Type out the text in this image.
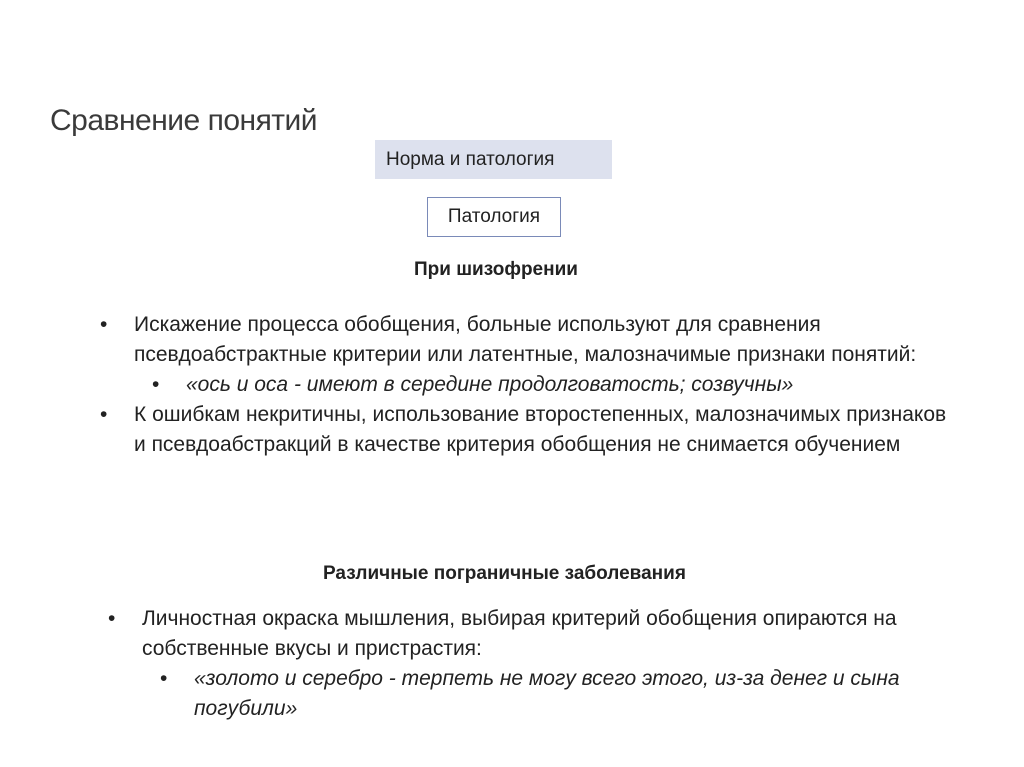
Сравнение понятий
Норма и патология
Патология
При шизофрении
• Искажение процесса обобщения, больные используют для сравнения псевдоабстрактные критерии или латентные, малозначимые признаки понятий:
• «ось и оса - имеют в середине продолговатость; созвучны»
• К ошибкам некритичны, использование второстепенных, малозначимых признаков и псевдоабстракций в качестве критерия обобщения не снимается обучением
Различные пограничные заболевания
• Личностная окраска мышления, выбирая критерий обобщения опираются на собственные вкусы и пристрастия:
• «золото и серебро - терпеть не могу всего этого, из-за денег и сына погубили»
